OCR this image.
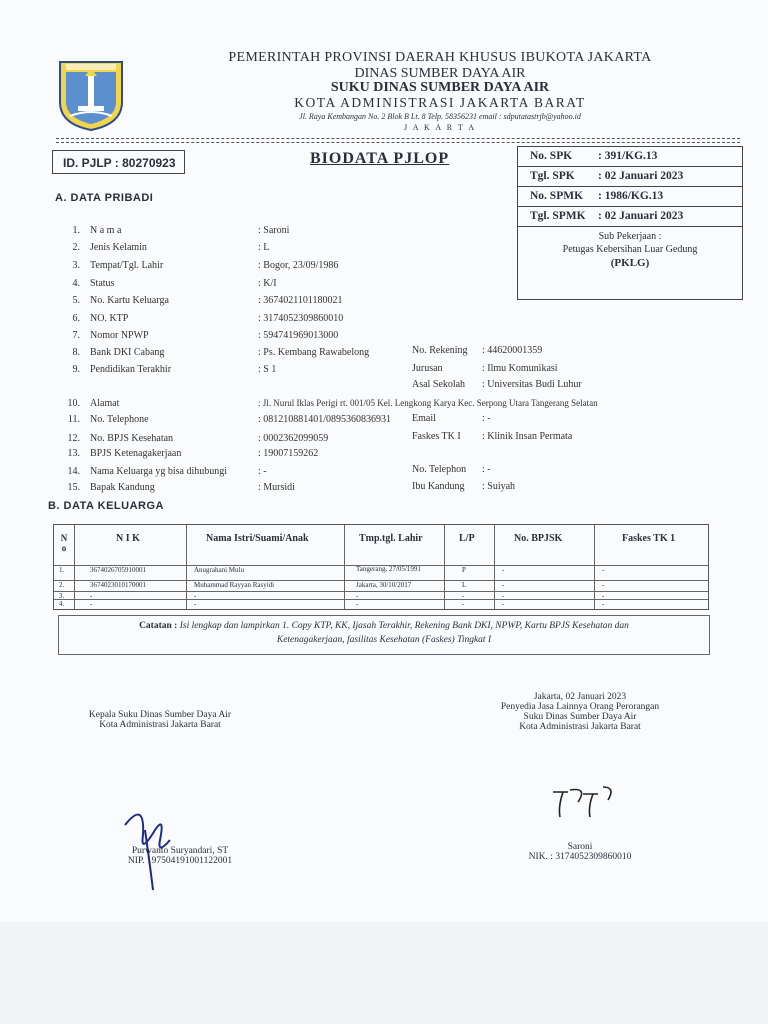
PEMERINTAH PROVINSI DAERAH KHUSUS IBUKOTA JAKARTA
DINAS SUMBER DAYA AIR
SUKU DINAS SUMBER DAYA AIR
KOTA ADMINISTRASI JAKARTA BARAT
Jl. Raya Kembangan No. 2 Blok B Lt. 8 Telp. 58356231 email : sdputatastrjb@yahoo.id
J A K A R T A
ID. PJLP : 80270923	BIODATA PJLOP	No. SPK : 391/KG.13
Tgl. SPK : 02 Januari 2023
No. SPMK : 1986/KG.13
Tgl. SPMK : 02 Januari 2023
Sub Pekerjaan :
Petugas Kebersihan Luar Gedung
(PKLG)
A. DATA PRIBADI
1. N a m a	: Saroni
2. Jenis Kelamin	: L
3. Tempat/Tgl. Lahir	: Bogor, 23/09/1986
4. Status	: K/I
5. No. Kartu Keluarga	: 3674021101180021
6. NO. KTP	: 3174052309860010
7. Nomor NPWP	: 594741969013000
8. Bank DKI Cabang	: Ps. Kembang Rawabelong
9. Pendidikan Terakhir	: S 1
10. Alamat	: Jl. Nurul Iklas Perigi rt. 001/05 Kel. Lengkong Karya Kec. Serpong Utara Tangerang Selatan
11. No. Telephone	: 081210881401/0895360836931
12. No. BPJS Kesehatan	: 0002362099059
13. BPJS Ketenagakerjaan	: 19007159262
14. Nama Keluarga yg bisa dihubungi	: -
15. Bapak Kandung	: Mursidi
No. Rekening : 44620001359
Jurusan	: Ilmu Komunikasi
Asal Sekolah : Universitas Budi Luhur
Email	: -
Faskes TK I : Klinik Insan Permata
No. Telephon : -
Ibu Kandung : Suiyah
B. DATA KELUARGA
N o
N I K	Nama Istri/Suami/Anak	Tmp.tgl. Lahir	L/P	No. BPJSK	Faskes TK 1
1.	3674026705910001	Anugrahani Mulu	Tangerang, 27/05/1991	P	-	-
2.	3674023010170001	Muhammad Rayyan Rasyidi	Jakarta, 30/10/2017	L	-	-
3.	-	-	-	-	-	-
4.	-	-	-	-	-	-
Catatan : Isi lengkap dan lampirkan 1. Copy KTP, KK, Ijasah Terakhir, Rekening Bank DKI, NPWP, Kartu BPJS Kesehatan dan
Ketenagakerjaan, fasilitas Kesehatan (Faskes) Tingkat I
Kepala Suku Dinas Sumber Daya Air
Kota Administrasi Jakarta Barat
Purwanto Suryandari, ST
NIP. 197504191001122001
Jakarta, 02 Januari 2023
Penyedia Jasa Lainnya Orang Perorangan
Suku Dinas Sumber Daya Air
Kota Administrasi Jakarta Barat
Saroni
NIK. : 3174052309860010
